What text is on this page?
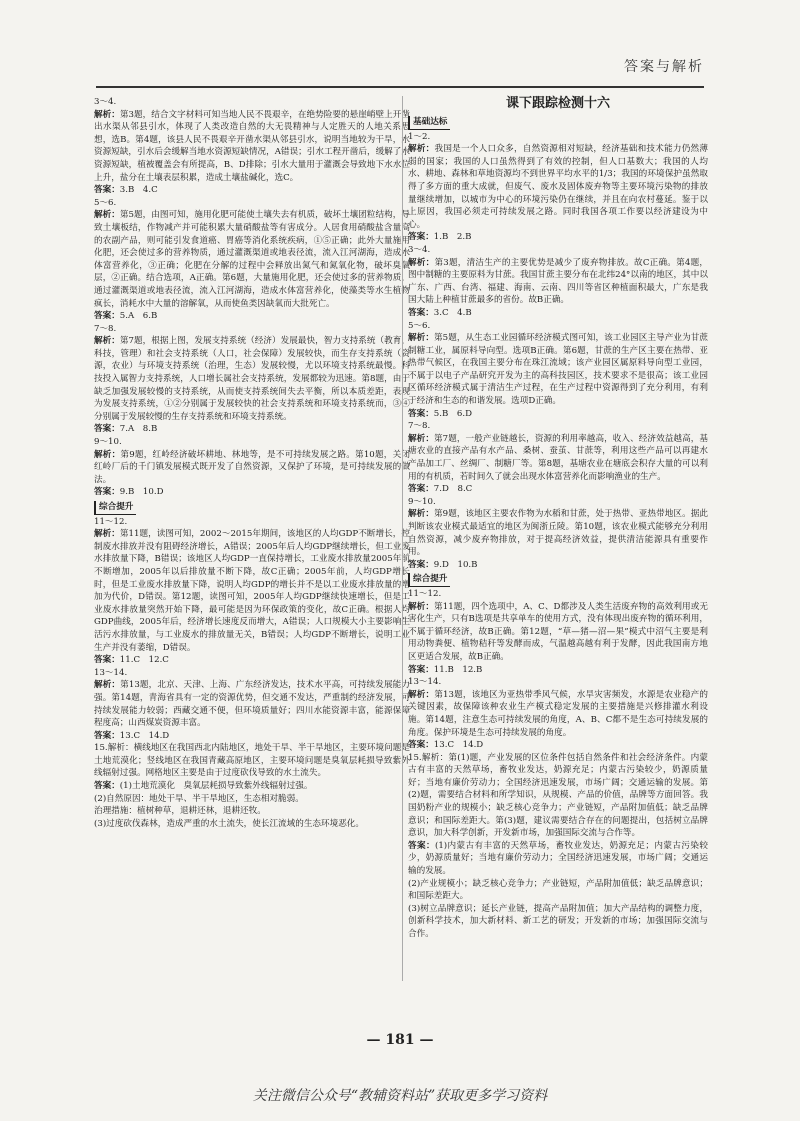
答案与解析
3～4.
解析：第3题，结合文字材料可知当地人民不畏艰辛，在绝势险要的悬崖峭壁上开凿出水渠从邻县引水，体现了人类改造自然的大无畏精神与人定胜天的人地关系思想，选B。第4题，该县人民不畏艰辛开凿水渠从邻县引水，说明当地较为干旱，水资源短缺，引水后会缓解当地水资源短缺情况，A错误；引水工程开凿后，缓解了水资源短缺，植被覆盖会有所提高，B、D排除；引水大量用于灌溉会导致地下水水位上升，盐分在土壤表层积累，造成土壤盐碱化，选C。
答案：3.B　4.C
5～6.
解析：第5题，由图可知，施用化肥可能使土壤失去有机质，破坏土壤团粒结构，导致土壤板结，作物减产并可能积累大量硝酸盐等有害成分。人居食用硝酸盐含量高的农副产品，则可能引发食道癌、胃癌等消化系统疾病，①⑤正确；此外大量施用化肥，还会使过多的营养物质，通过灌溉渠道或地表径流，流入江河湖海，造成水体富营养化，③正确；化肥在分解的过程中会释放出氮气和氮氧化物，破坏臭氧层，②正确。结合选项，A正确。第6题，大量施用化肥，还会使过多的营养物质，通过灌溉渠道或地表径流，流入江河湖海，造成水体富营养化，使藻类等水生植物疯长，消耗水中大量的溶解氧，从而使鱼类因缺氧而大批死亡。
答案：5.A　6.B
7～8.
解析：第7题，根据上图，发展支持系统（经济）发展最快，智力支持系统（教育，科技，管理）和社会支持系统（人口，社会保障）发展较快，而生存支持系统（资源，农业）与环境支持系统（治理，生态）发展较慢，尤以环境支持系统最慢。科技投入属智力支持系统，人口增长属社会支持系统，发展都较为迅速。第8题，由于缺乏加强发展较慢的支持系统，从而使支持系统间失去平衡，所以本质差距，表现为发展支持系统，①②分别属于发展较快的社会支持系统和环境支持系统而，③④分别属于发展较慢的生存支持系统和环境支持系统。
答案：7.A　8.B
9～10.
解析：第9题，红岭经济破坏耕地、林地等，是不可持续发展之路。第10题，关闭红岭厂后的千门镇发展模式既开发了自然资源，又保护了环境，是可持续发展的做法。
答案：9.B　10.D
综合提升
11～12.
解析：第11题，读图可知，2002～2015年期间，该地区的人均GDP不断增长，控制废水排放并没有阻碍经济增长，A错误；2005年后人均GDP继续增长，但工业废水排放量下降，B错误；该地区人均GDP一直保持增长，工业废水排放量2005年前不断增加，2005年以后排放量不断下降，故C正确；2005年前，人均GDP增长时，但是工业废水排放量下降，说明人均GDP的增长并不是以工业废水排放量的增加为代价，D错误。第12题，读图可知，2005年人均GDP继续快速增长，但是工业废水排放量突然开始下降，最可能是因为环保政策的变化，故C正确。根据人均GDP曲线，2005年后，经济增长速度反而增大，A错误；人口规模大小主要影响生活污水排放量，与工业废水的排放量无关，B错误；人均GDP不断增长，说明工业生产并没有萎缩，D错误。
答案：11.C　12.C
13～14.
解析：第13题，北京、天津、上海、广东经济发达，技术水平高，可持续发展能力强。第14题，青海省具有一定的资源优势，但交通不发达，严重制约经济发展，可持续发展能力较弱；西藏交通不便，但环境质量好；四川水能资源丰富，能源保障程度高；山西煤炭资源丰富。
答案：13.C　14.D
15.解析：横线地区在我国西北内陆地区，地处干旱、半干旱地区，主要环境问题是土地荒漠化；竖线地区在我国青藏高原地区，主要环境问题是臭氧层耗损导致紫外线辐射过强。网格地区主要是由于过度砍伐导致的水土流失。
答案：(1)土地荒漠化　臭氧层耗损导致紫外线辐射过强。
(2)自然原因：地处干旱、半干旱地区，生态相对脆弱。
治理措施：植树种草，退耕还林，退耕还牧。
(3)过度砍伐森林，造成严重的水土流失，使长江流域的生态环境恶化。
课下跟踪检测十六
基础达标
1～2.
解析：我国是一个人口众多，自然资源相对短缺，经济基础和技术能力仍然薄弱的国家；我国的人口虽然得到了有效的控制，但人口基数大；我国的人均水、耕地、森林和草地资源均不到世界平均水平的1/3；我国的环境保护虽然取得了多方面的重大成就，但废气、废水及固体废弃物等主要环境污染物的排放量继续增加，以城市为中心的环境污染仍在继续，并且在向农村蔓延。鉴于以上原因，我国必须走可持续发展之路。同时我国各项工作要以经济建设为中心。
答案：1.B　2.B
3～4.
解析：第3题，清洁生产的主要优势是减少了废弃物排放。故C正确。第4题，图中制糖的主要原料为甘蔗。我国甘蔗主要分布在北纬24°以南的地区，其中以广东、广西、台湾、福建、海南、云南、四川等省区种植面积最大，广东是我国大陆上种植甘蔗最多的省份。故B正确。
答案：3.C　4.B
5～6.
解析：第5题，从生态工业园循环经济模式图可知，该工业园区主导产业为甘蔗制糖工业，属原料导向型。选项B正确。第6题，甘蔗的生产区主要在热带、亚热带气候区，在我国主要分布在珠江流域；该产业园区属原料导向型工业园，不属于以电子产品研究开发为主的高科技园区，技术要求不是很高；该工业园区循环经济模式属于清洁生产过程，在生产过程中资源得到了充分利用，有利于经济和生态的和谐发展。选项D正确。
答案：5.B　6.D
7～8.
解析：第7题，一般产业链越长，资源的利用率越高，收入、经济效益越高，基塘农业的直接产品有水产品、桑树、蚕茧、甘蔗等，利用这些产品可以再建水产品加工厂、丝绸厂、制糖厂等。第8题，基塘农业在塘底会积存大量的可以利用的有机质，若时间久了就会出现水体富营养化而影响渔业的生产。
答案：7.D　8.C
9～10.
解析：第9题，该地区主要农作物为水稻和甘蔗，处于热带、亚热带地区。据此判断该农业模式最适宜的地区为闽浙丘陵。第10题，该农业模式能够充分利用自然资源，减少废弃物排放，对于提高经济效益，提供清洁能源具有重要作用。
答案：9.D　10.B
综合提升
11～12.
解析：第11题，四个选项中，A、C、D都涉及人类生活废弃物的高效利用或无害化生产，只有B选项是共享单车的使用方式，没有体现出废弃物的循环利用，不属于循环经济，故B正确。第12题，“草—猪—沼—果”模式中沼气主要是利用动物粪便、植物秸秆等发酵而成，气温越高越有利于发酵，因此我国南方地区更适合发展，故B正确。
答案：11.B　12.B
13～14.
解析：第13题，该地区为亚热带季风气候，水旱灾害频发，水源是农业稳产的关键因素，故保障该种农业生产模式稳定发展的主要措施是兴修排灌水利设施。第14题，注意生态可持续发展的角度，A、B、C都不是生态可持续发展的角度。保护环境是生态可持续发展的角度。
答案：13.C　14.D
15.解析：第(1)题，产业发展的区位条件包括自然条件和社会经济条件。内蒙古有丰富的天然草场，畜牧业发达，奶源充足；内蒙古污染较少，奶源质量好；当地有廉价劳动力；全国经济迅速发展，市场广阔；交通运输的发展。第(2)题，需要结合材料和所学知识，从规模、产品的价值，品牌等方面回答。我国奶粉产业的规模小；缺乏核心竞争力；产业链短，产品附加值低；缺乏品牌意识；和国际差距大。第(3)题，建议需要结合存在的问题提出，包括树立品牌意识，加大科学创新，开发新市场，加强国际交流与合作等。
答案：(1)内蒙古有丰富的天然草场，畜牧业发达，奶源充足；内蒙古污染较少，奶源质量好；当地有廉价劳动力；全国经济迅速发展，市场广阔；交通运输的发展。
(2)产业规模小；缺乏核心竞争力；产业链短，产品附加值低；缺乏品牌意识；和国际差距大。
(3)树立品牌意识；延长产业链，提高产品附加值；加大产品结构的调整力度，创新科学技术，加大新材料、新工艺的研发；开发新的市场；加强国际交流与合作。
— 181 —
关注微信公众号“教辅资料站”获取更多学习资料
